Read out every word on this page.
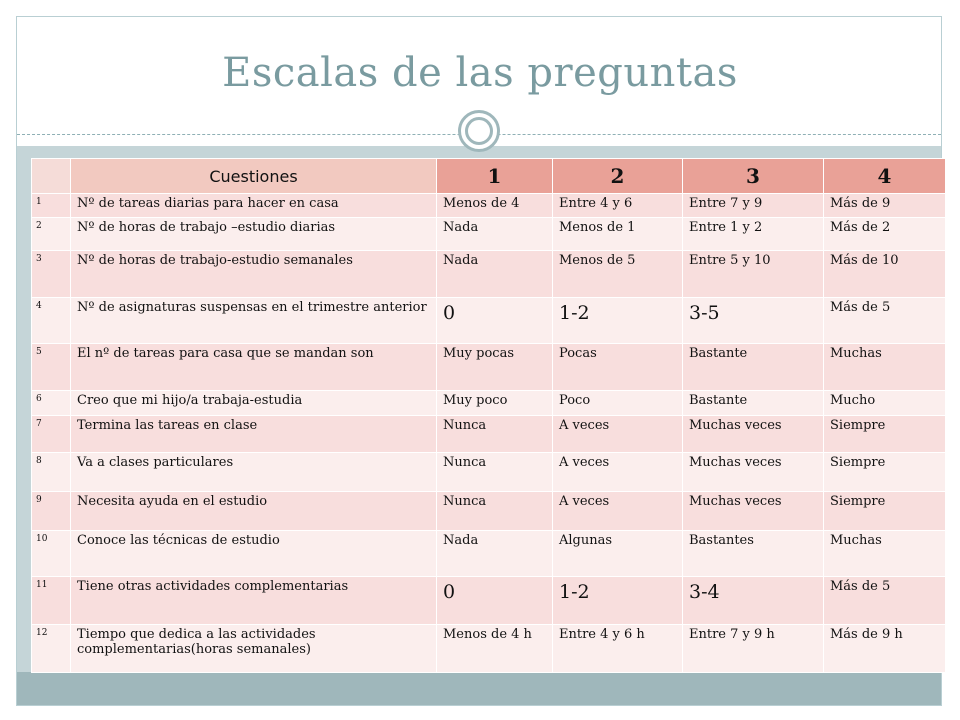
Escalas de las preguntas
	Cuestiones	1	2	3	4
1	Nº de tareas diarias para hacer en casa	Menos de 4	Entre 4 y 6	Entre 7 y 9	Más de 9
2	Nº de horas de trabajo –estudio diarias	Nada	Menos de 1	Entre 1 y 2	Más de 2
3	Nº de horas de trabajo-estudio semanales	Nada	Menos de 5	Entre 5 y 10	Más de 10
4	Nº de asignaturas suspensas en el trimestre anterior	0	1-2	3-5	Más de 5
5	El nº de tareas para casa que se mandan son	Muy pocas	Pocas	Bastante	Muchas
6	Creo que mi hijo/a trabaja-estudia	Muy poco	Poco	Bastante	Mucho
7	Termina las tareas en clase	Nunca	A veces	Muchas veces	Siempre
8	Va a clases particulares	Nunca	A veces	Muchas veces	Siempre
9	Necesita ayuda en el estudio	Nunca	A veces	Muchas veces	Siempre
10	Conoce las técnicas de estudio	Nada	Algunas	Bastantes	Muchas
11	Tiene otras actividades complementarias	0	1-2	3-4	Más de 5
12	Tiempo que dedica a las actividades complementarias(horas semanales)	Menos de 4 h	Entre 4 y 6 h	Entre 7 y 9 h	Más de 9 h
